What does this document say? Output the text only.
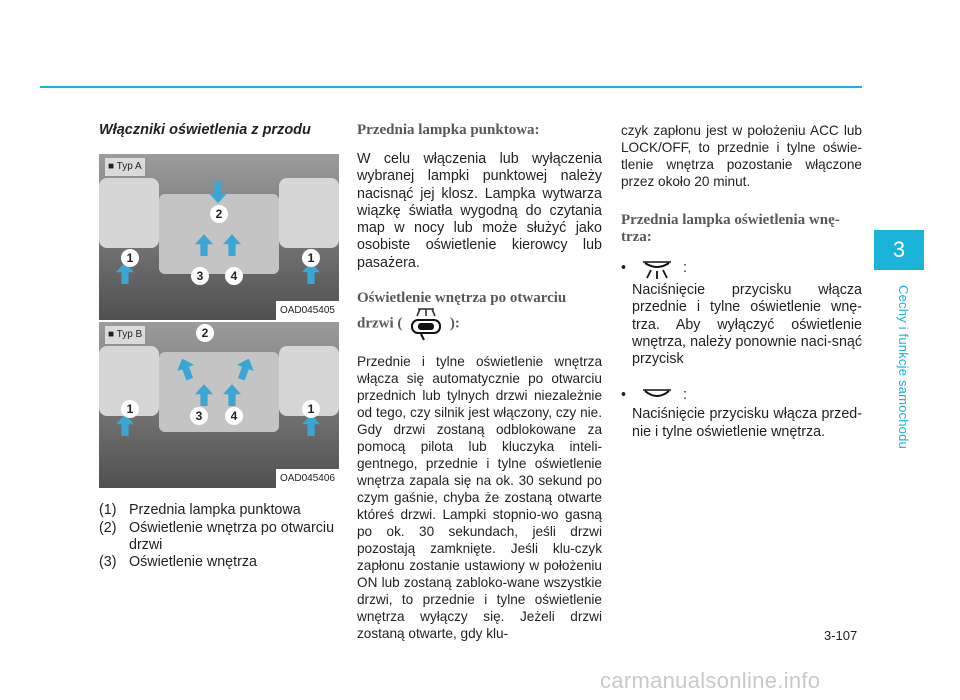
3
Cechy i funkcje samochodu
Włączniki oświetlenia z przodu
■ Typ A
1
2
3	4
1
OAD045405
■ Typ B
1
2
3	4	1
OAD045406
(1) Przednia lampka punktowa
(2) Oświetlenie wnętrza po otwarciu drzwi
(3) Oświetlenie wnętrza
Przednia lampka punktowa:

W celu włączenia lub wyłączenia wybranej lampki punktowej należy nacisnąć jej klosz. Lampka wytwarza wiązkę światła wygodną do czytania map w nocy lub może służyć jako osobiste oświetlenie kierowcy lub pasażera.

Oświetlenie wnętrza po otwarciu drzwi (	):

Przednie i tylne oświetlenie wnętrza włącza się automatycznie po otwarciu przednich lub tylnych drzwi niezależnie od tego, czy silnik jest włączony, czy nie. Gdy drzwi zostaną odblokowane za pomocą pilota lub kluczyka inteli-gentnego, przednie i tylne oświetlenie wnętrza zapala się na ok. 30 sekund po czym gaśnie, chyba że zostaną otwarte któreś drzwi. Lampki stopnio-wo gasną po ok. 30 sekundach, jeśli drzwi pozostają zamknięte. Jeśli klu-czyk zapłonu zostanie ustawiony w położeniu ON lub zostaną zabloko-wane wszystkie drzwi, to przednie i tylne oświetlenie wnętrza wyłączy się. Jeżeli drzwi zostaną otwarte, gdy klu-

czyk zapłonu jest w położeniu ACC lub LOCK/OFF, to przednie i tylne oświe-tlenie wnętrza pozostanie włączone przez około 20 minut.

Przednia lampka oświetlenia wnę-trza:
•	:

Naciśnięcie przycisku włącza przednie i tylne oświetlenie wnę-trza. Aby wyłączyć oświetlenie wnętrza, należy ponownie naci-snąć przycisk

•	:

Naciśnięcie przycisku włącza przed-nie i tylne oświetlenie wnętrza.

3-107
carmanualsonline.info
